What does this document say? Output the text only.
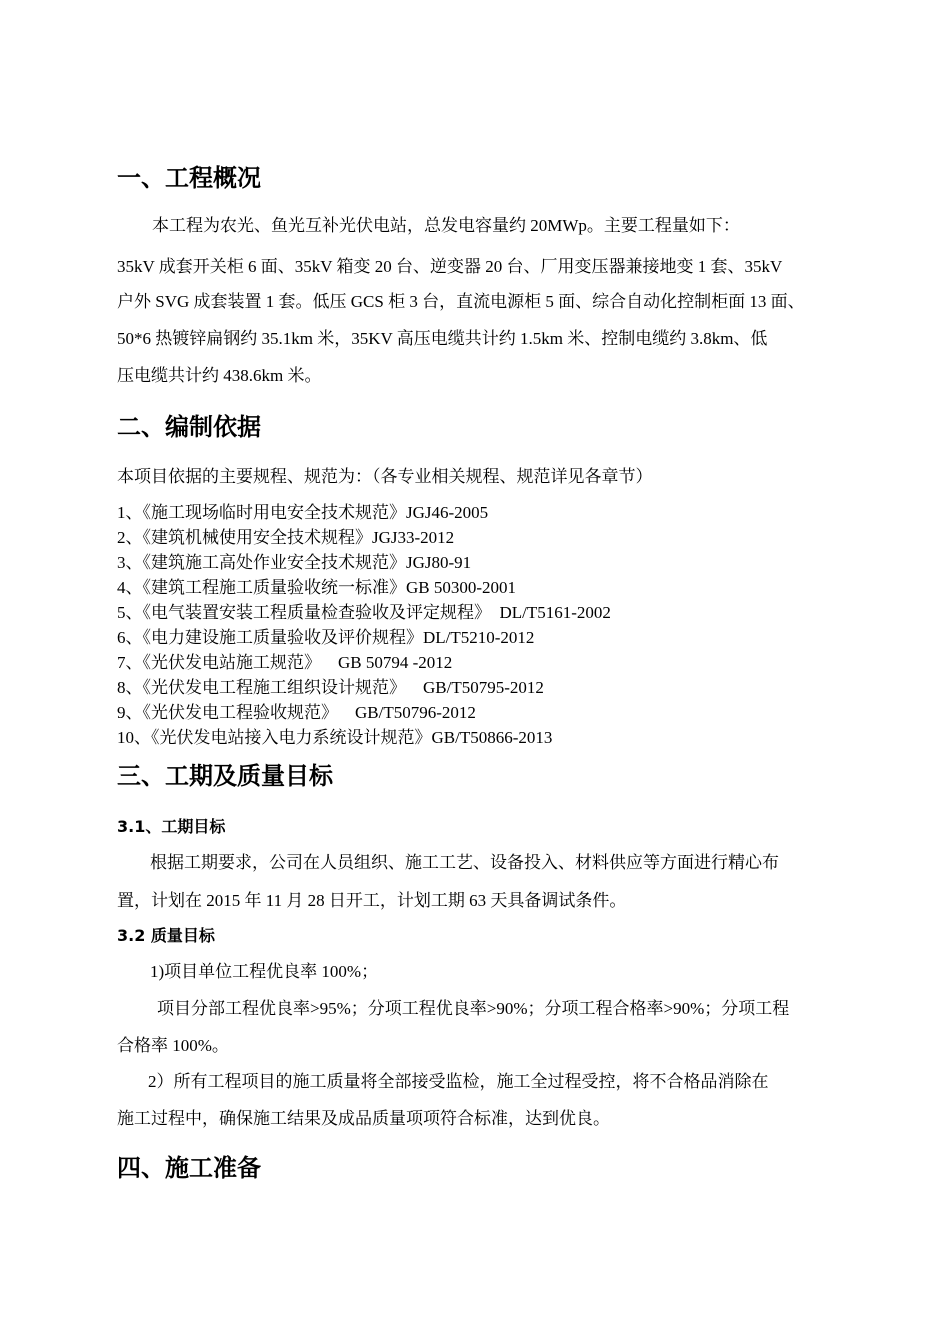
一、工程概况

本工程为农光、鱼光互补光伏电站，总发电容量约 20MWp。主要工程量如下：

35kV 成套开关柜 6 面、35kV 箱变 20 台、逆变器 20 台、厂用变压器兼接地变 1 套、35kV

户外 SVG 成套装置 1 套。低压 GCS 柜 3 台，直流电源柜 5 面、综合自动化控制柜面 13 面、

50*6 热镀锌扁钢约 35.1km 米，35KV 高压电缆共计约 1.5km 米、控制电缆约 3.8km、低

压电缆共计约 438.6km 米。

二、编制依据

本项目依据的主要规程、规范为：（各专业相关规程、规范详见各章节）

1、《施工现场临时用电安全技术规范》JGJ46-2005

2、《建筑机械使用安全技术规程》JGJ33-2012

3、《建筑施工高处作业安全技术规范》JGJ80-91

4、《建筑工程施工质量验收统一标准》GB 50300-2001

5、《电气装置安装工程质量检查验收及评定规程》  DL/T5161-2002

6、《电力建设施工质量验收及评价规程》DL/T5210-2012

7、《光伏发电站施工规范》    GB 50794 -2012

8、《光伏发电工程施工组织设计规范》    GB/T50795-2012

9、《光伏发电工程验收规范》    GB/T50796-2012

10、《光伏发电站接入电力系统设计规范》GB/T50866-2013

三、工期及质量目标
3.1、工期目标

根据工期要求，公司在人员组织、施工工艺、设备投入、材料供应等方面进行精心布

置，计划在 2015 年 11 月 28 日开工，计划工期 63 天具备调试条件。

3.2 质量目标

1)项目单位工程优良率 100%；

项目分部工程优良率>95%；分项工程优良率>90%；分项工程合格率>90%；分项工程

合格率 100%。

2）所有工程项目的施工质量将全部接受监检，施工全过程受控，将不合格品消除在

施工过程中，确保施工结果及成品质量项项符合标准，达到优良。

四、施工准备
